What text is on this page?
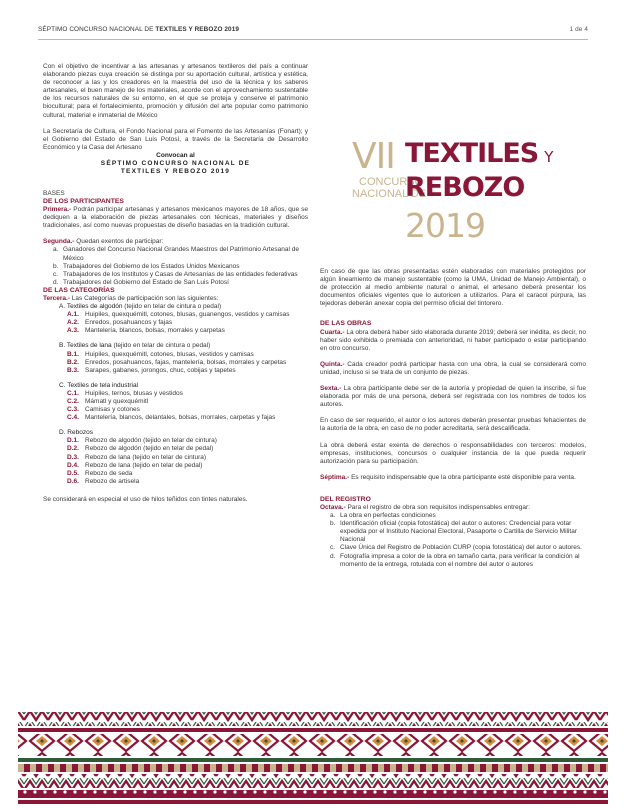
SÉPTIMO CONCURSO NACIONAL DE TEXTILES Y REBOZO 2019	1 de 4
VII
CONCURSO
NACIONAL DE
TEXTILES Y
REBOZO
2019

Con el objetivo de incentivar a las artesanas y artesanos textileros del país a continuar elaborando piezas cuya creación se distinga por su aportación cultural, artística y estética, de reconocer a las y los creadores en la maestría del uso de la técnica y los saberes artesanales, el buen manejo de los materiales, acorde con el aprovechamiento sustentable de los recursos naturales de su entorno, en el que se proteja y conserve el patrimonio biocultural; para el fortalecimiento, promoción y difusión del arte popular como patrimonio cultural, material e inmaterial de México

La Secretaría de Cultura, el Fondo Nacional para el Fomento de las Artesanías (Fonart); y el Gobierno del Estado de San Luis Potosí, a través de la Secretaría de Desarrollo Económico y la Casa del Artesano

Convocan al

SÉPTIMO CONCURSO NACIONAL DE

TEXTILES Y REBOZO 2019

BASES

DE LOS PARTICIPANTES

Primera.- Podrán participar artesanas y artesanos mexicanos mayores de 18 años, que se dediquen a la elaboración de piezas artesanales con técnicas, materiales y diseños tradicionales, así como nuevas propuestas de diseño basadas en la tradición cultural.

Segunda.- Quedan exentos de participar:

a. Ganadores del Concurso Nacional Grandes Maestros del Patrimonio Artesanal de México
b. Trabajadores del Gobierno de los Estados Unidos Mexicanos
c. Trabajadores de los Institutos y Casas de Artesanías de las entidades federativas
d. Trabajadores del Gobierno del Estado de San Luis Potosí

DE LAS CATEGORÍAS

Tercera.- Las Categorías de participación son las siguientes:

A. Textiles de algodón (tejido en telar de cintura o pedal)

A.1. Huipiles, quexquémitl, cotones, blusas, guanengos, vestidos y camisas
A.2. Enredos, posahuancos y fajas
A.3. Mantelería, blancos, bolsas, morrales y carpetas

B. Textiles de lana (tejido en telar de cintura o pedal)

B.1. Huipiles, quexquémitl, cotones, blusas, vestidos y camisas
B.2. Enredos, posahuancos, fajas, mantelería, bolsas, morrales y carpetas
B.3. Sarapes, gabanes, jorongos, chuc, cobijas y tapetes

C. Textiles de tela industrial

C.1. Huipiles, ternos, blusas y vestidos
C.2. Mámatl y quexquémitl
C.3. Camisas y cotones
C.4. Mantelería, blancos, delantales, bolsas, morrales, carpetas y fajas

D. Rebozos

D.1. Rebozo de algodón (tejido en telar de cintura)
D.2. Rebozo de algodón (tejido en telar de pedal)
D.3. Rebozo de lana (tejido en telar de cintura)
D.4. Rebozo de lana (tejido en telar de pedal)
D.5. Rebozo de seda
D.6. Rebozo de artisela

Se considerará en especial el uso de hilos teñidos con tintes naturales.

En caso de que las obras presentadas estén elaboradas con materiales protegidos por algún lineamiento de manejo sustentable (como la UMA, Unidad de Manejo Ambiental), o de protección al medio ambiente natural o animal, el artesano deberá presentar los documentos oficiales vigentes que lo autoricen a utilizarlos. Para el caracol púrpura, las tejedoras deberán anexar copia del permiso oficial del tintorero.

DE LAS OBRAS

Cuarta.- La obra deberá haber sido elaborada durante 2019; deberá ser inédita, es decir, no haber sido exhibida o premiada con anterioridad, ni haber participado o estar participando en otro concurso.

Quinta.- Cada creador podrá participar hasta con una obra, la cual se considerará como unidad, incluso si se trata de un conjunto de piezas.

Sexta.- La obra participante debe ser de la autoría y propiedad de quien la inscribe, si fue elaborada por más de una persona, deberá ser registrada con los nombres de todos los autores.

En caso de ser requerido, el autor o los autores deberán presentar pruebas fehacientes de la autoría de la obra, en caso de no poder acreditarla, será descalificada.

La obra deberá estar exenta de derechos o responsabilidades con terceros: modelos, empresas, instituciones, concursos o cualquier instancia de la que pueda requerir autorización para su participación.

Séptima.- Es requisito indispensable que la obra participante esté disponible para venta.

DEL REGISTRO

Octava.- Para el registro de obra son requisitos indispensables entregar:

a. La obra en perfectas condiciones
b. Identificación oficial (copia fotostática) del autor o autores: Credencial para votar expedida por el Instituto Nacional Electoral, Pasaporte o Cartilla de Servicio Militar Nacional
c. Clave Única del Registro de Población CURP (copia fotostática) del autor o autores.
d. Fotografía impresa a color de la obra en tamaño carta, para verificar la condición al momento de la entrega, rotulada con el nombre del autor o autores
